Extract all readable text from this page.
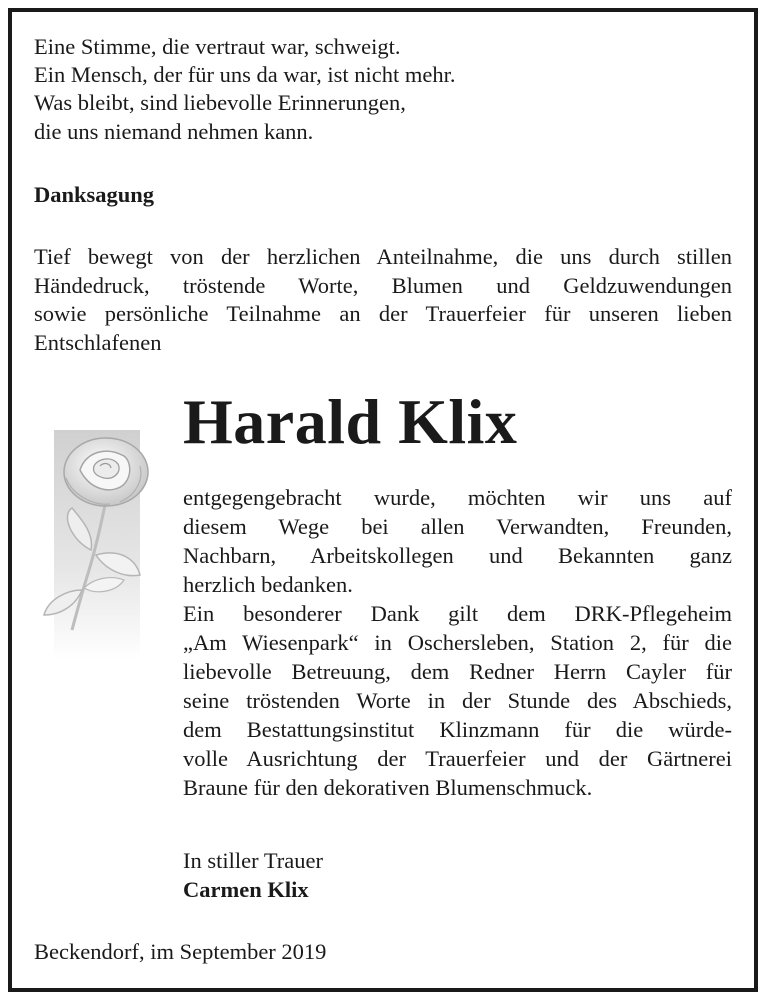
Eine Stimme, die vertraut war, schweigt.
Ein Mensch, der für uns da war, ist nicht mehr.
Was bleibt, sind liebevolle Erinnerungen,
die uns niemand nehmen kann.
Danksagung
Tief bewegt von der herzlichen Anteilnahme, die uns durch stillen
Händedruck, tröstende Worte, Blumen und Geldzuwendungen
sowie persönliche Teilnahme an der Trauerfeier für unseren lieben
Entschlafenen
Harald Klix
entgegengebracht wurde, möchten wir uns auf
diesem Wege bei allen Verwandten, Freunden,
Nachbarn, Arbeitskollegen und Bekannten ganz
herzlich bedanken.
Ein besonderer Dank gilt dem DRK-Pflegeheim
„Am Wiesenpark“ in Oschersleben, Station 2, für die
liebevolle Betreuung, dem Redner Herrn Cayler für
seine tröstenden Worte in der Stunde des Abschieds,
dem Bestattungsinstitut Klinzmann für die würde-
volle Ausrichtung der Trauerfeier und der Gärtnerei
Braune für den dekorativen Blumenschmuck.
In stiller Trauer
Carmen Klix
Beckendorf, im September 2019
